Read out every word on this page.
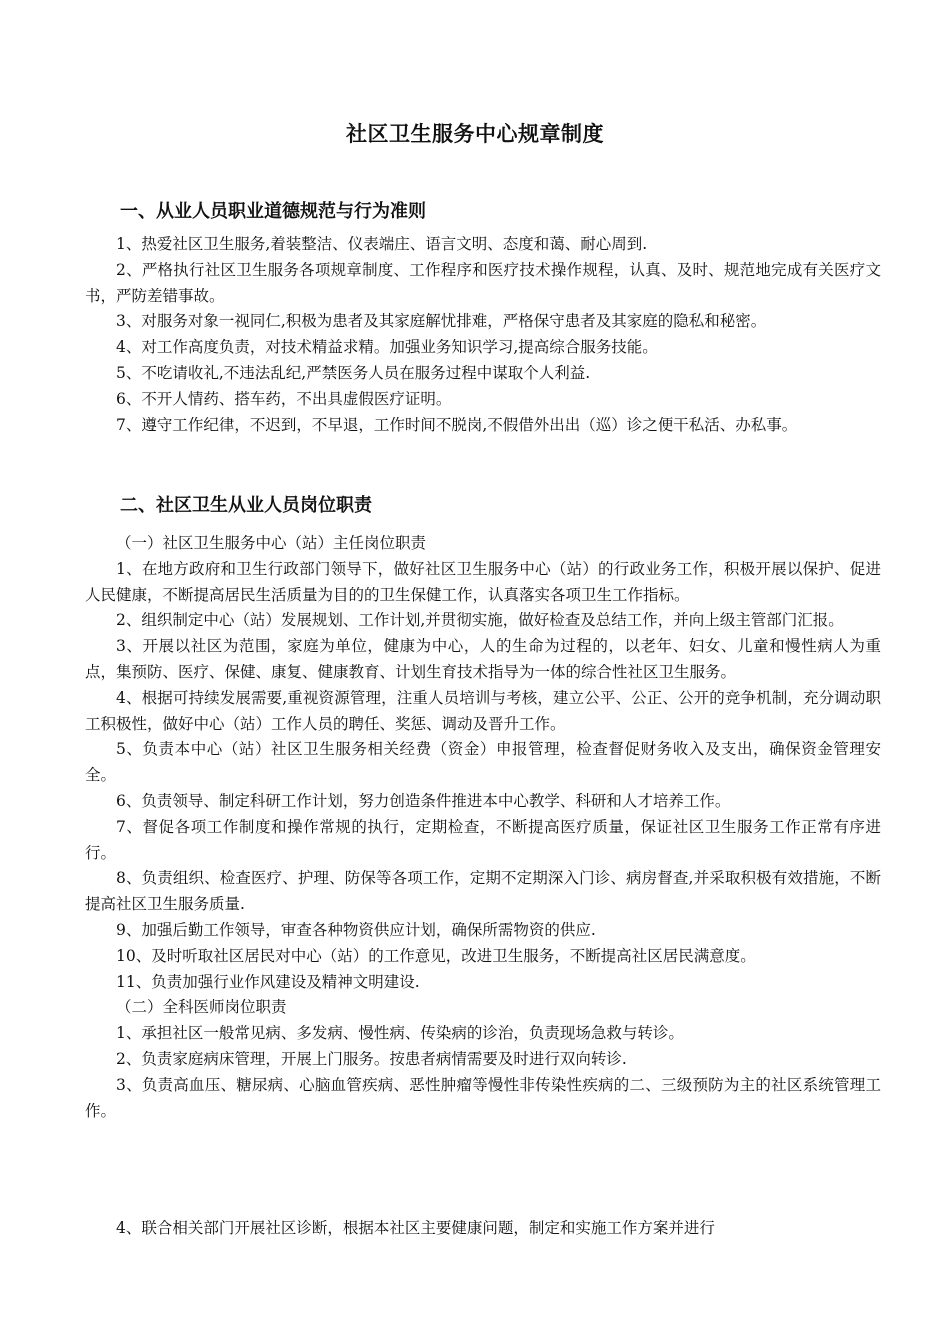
社区卫生服务中心规章制度
一、从业人员职业道德规范与行为准则

1、热爱社区卫生服务,着装整洁、仪表端庄、语言文明、态度和蔼、耐心周到.

2、严格执行社区卫生服务各项规章制度、工作程序和医疗技术操作规程，认真、及时、规范地完成有关医疗文书，严防差错事故。

3、对服务对象一视同仁,积极为患者及其家庭解忧排难，严格保守患者及其家庭的隐私和秘密。

4、对工作高度负责，对技术精益求精。加强业务知识学习,提高综合服务技能。

5、不吃请收礼,不违法乱纪,严禁医务人员在服务过程中谋取个人利益.

6、不开人情药、搭车药，不出具虚假医疗证明。

7、遵守工作纪律，不迟到，不早退，工作时间不脱岗,不假借外出出（巡）诊之便干私活、办私事。

二、社区卫生从业人员岗位职责

（一）社区卫生服务中心（站）主任岗位职责

1、在地方政府和卫生行政部门领导下，做好社区卫生服务中心（站）的行政业务工作，积极开展以保护、促进人民健康，不断提高居民生活质量为目的的卫生保健工作，认真落实各项卫生工作指标。

2、组织制定中心（站）发展规划、工作计划,并贯彻实施，做好检查及总结工作，并向上级主管部门汇报。

3、开展以社区为范围，家庭为单位，健康为中心，人的生命为过程的，以老年、妇女、儿童和慢性病人为重点，集预防、医疗、保健、康复、健康教育、计划生育技术指导为一体的综合性社区卫生服务。

4、根据可持续发展需要,重视资源管理，注重人员培训与考核，建立公平、公正、公开的竞争机制，充分调动职工积极性，做好中心（站）工作人员的聘任、奖惩、调动及晋升工作。

5、负责本中心（站）社区卫生服务相关经费（资金）申报管理，检查督促财务收入及支出，确保资金管理安全。

6、负责领导、制定科研工作计划，努力创造条件推进本中心教学、科研和人才培养工作。

7、督促各项工作制度和操作常规的执行，定期检查，不断提高医疗质量，保证社区卫生服务工作正常有序进行。

8、负责组织、检查医疗、护理、防保等各项工作，定期不定期深入门诊、病房督查,并采取积极有效措施，不断提高社区卫生服务质量.

9、加强后勤工作领导，审查各种物资供应计划，确保所需物资的供应.

10、及时听取社区居民对中心（站）的工作意见，改进卫生服务，不断提高社区居民满意度。

11、负责加强行业作风建设及精神文明建设.

（二）全科医师岗位职责

1、承担社区一般常见病、多发病、慢性病、传染病的诊治，负责现场急救与转诊。

2、负责家庭病床管理，开展上门服务。按患者病情需要及时进行双向转诊.

3、负责高血压、糖尿病、心脑血管疾病、恶性肿瘤等慢性非传染性疾病的二、三级预防为主的社区系统管理工作。

4、联合相关部门开展社区诊断，根据本社区主要健康问题，制定和实施工作方案并进行
